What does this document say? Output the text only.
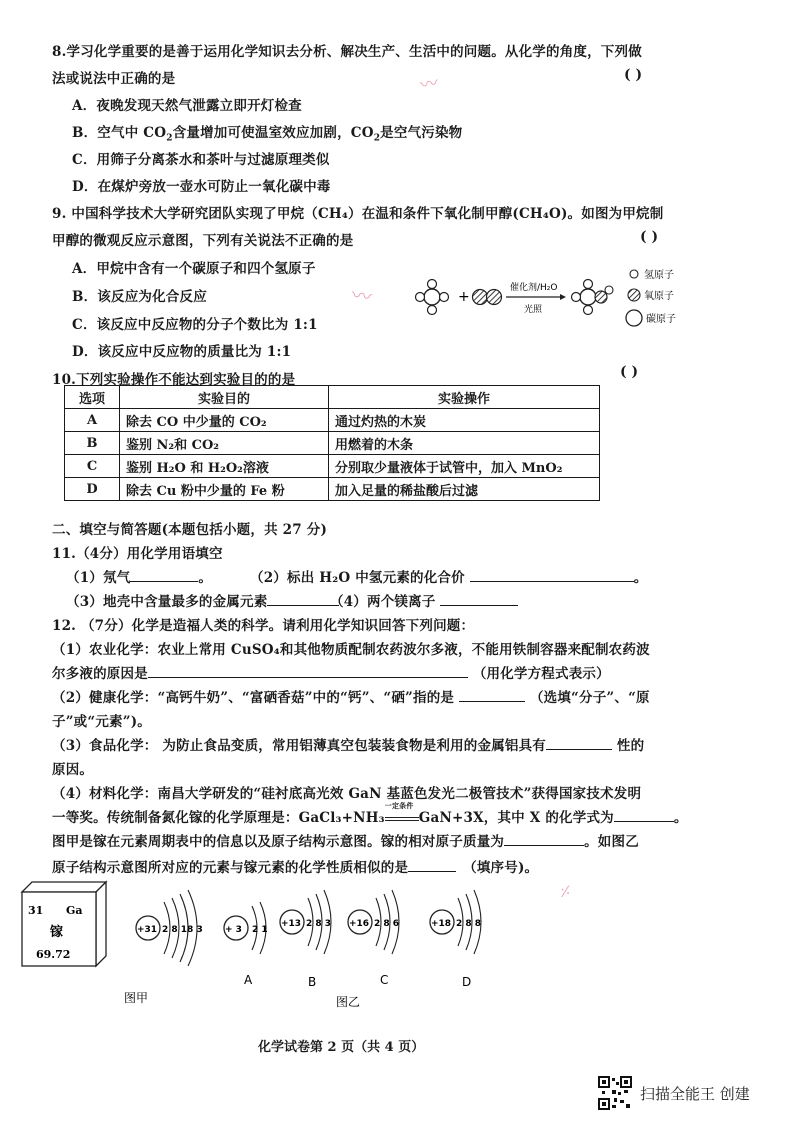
8.学习化学重要的是善于运用化学知识去分析、解决生产、生活中的问题。从化学的角度，下列做
法或说法中正确的是	( )
A．夜晚发现天然气泄露立即开灯检查
B．空气中 $CO_2$含量增加可使温室效应加剧，$CO_2$是空气污染物
C．用筛子分离茶水和茶叶与过滤原理类似
D．在煤炉旁放一壶水可防止一氧化碳中毒
9. 中国科学技术大学研究团队实现了甲烷（CH₄）在温和条件下氧化制甲醇(CH₄O)。如图为甲烷制
甲醇的微观反应示意图，下列有关说法不正确的是	( )
A．甲烷中含有一个碳原子和四个氢原子
B．该反应为化合反应
C．该反应中反应物的分子个数比为 1:1
D．该反应中反应物的质量比为 1:1
+
催化剂/H₂O
光照
氢原子
氧原子
碳原子
10.下列实验操作不能达到实验目的的是	( )
选项	实验目的	实验操作
A	除去 CO 中少量的 CO₂	通过灼热的木炭
B	鉴别 N₂和 CO₂	用燃着的木条
C	鉴别 H₂O 和 H₂O₂溶液	分别取少量液体于试管中，加入 MnO₂
D	除去 Cu 粉中少量的 Fe 粉	加入足量的稀盐酸后过滤
二、填空与简答题(本题包括小题，共 27 分)
11.（4分）用化学用语填空
（1）氖气	。	（2）标出 H₂O 中氢元素的化合价	。
（3）地壳中含量最多的金属元素	（4）两个镁离子
12. （7分）化学是造福人类的科学。请利用化学知识回答下列问题：
（1）农业化学：农业上常用 CuSO₄和其他物质配制农药波尔多液，不能用铁制容器来配制农药波
尔多液的原因是	（用化学方程式表示）
（2）健康化学：“高钙牛奶”、“富硒香菇”中的“钙”、“硒”指的是	（选填“分子”、“原
子”或“元素”)。
（3）食品化学： 为防止食品变质，常用铝薄真空包装装食物是利用的金属铝具有	性的
原因。
（4）材料化学：南昌大学研发的“硅衬底高光效 GaN 基蓝色发光二极管技术”获得国家技术发明
一等奖。传统制备氮化镓的化学原理是：GaCl₃+NH₃
一定条件
GaN+3X，其中 X 的化学式为	。
图甲是镓在元素周期表中的信息以及原子结构示意图。镓的相对原子质量为	。如图乙
原子结构示意图所对应的元素与镓元素的化学性质相似的是　	（填序号)。
31 Ga
镓
69.72
图甲
+31 2 8 18 3 + 3 2 1
A
+13 2 8 3
B
图乙
+16 2 8 6
C
+18 2 8 8
D
化学试卷第 2 页（共 4 页）
扫描全能王 创建
〰
〰
⸓
